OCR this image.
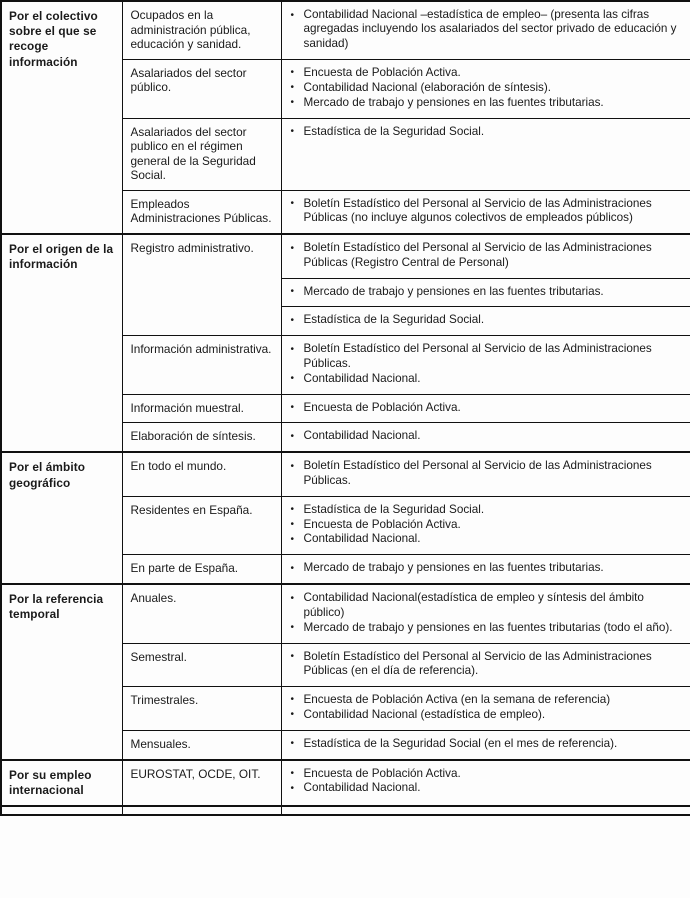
Por el colectivo sobre el que se recoge información	Ocupados en la administración pública, educación y sanidad.	
• Contabilidad Nacional –estadística de empleo– (presenta las cifras agregadas incluyendo los asalariados del sector privado de educación y sanidad)

Asalariados del sector público.	
• Encuesta de Población Activa.
• Contabilidad Nacional (elaboración de síntesis).
• Mercado de trabajo y pensiones en las fuentes tributarias.

Asalariados del sector publico en el régimen general de la Seguridad Social.	
• Estadística de la Seguridad Social.

Empleados Administraciones Públicas.	
• Boletín Estadístico del Personal al Servicio de las Administraciones Públicas (no incluye algunos colectivos de empleados públicos)

Por el origen de la información	Registro administrativo.	
•Boletín Estadístico del Personal al Servicio de las Administraciones Públicas (Registro Central de Personal)

• Mercado de trabajo y pensiones en las fuentes tributarias.

• Estadística de la Seguridad Social.

Información administrativa.	
•Boletín Estadístico del Personal al Servicio de las Administraciones Públicas.
• Contabilidad Nacional.

Información muestral.	
•Encuesta de Población Activa.

Elaboración de síntesis.	
•Contabilidad Nacional.

Por el ámbito geográfico	En todo el mundo.	
•Boletín Estadístico del Personal al Servicio de las Administraciones Públicas.

Residentes en España.	
•Estadística de la Seguridad Social.
• Encuesta de Población Activa.
• Contabilidad Nacional.

En parte de España.	
•Mercado de trabajo y pensiones en las fuentes tributarias.

Por la referencia temporal	Anuales.	
•Contabilidad Nacional(estadística de empleo y síntesis del ámbito público)
• Mercado de trabajo y pensiones en las fuentes tributarias (todo el año).

Semestral.	
•Boletín Estadístico del Personal al Servicio de las Administraciones Públicas (en el día de referencia).

Trimestrales.	
•Encuesta de Población Activa (en la semana de referencia)
• Contabilidad Nacional (estadística de empleo).

Mensuales.	
•Estadística de la Seguridad Social (en el mes de referencia).

Por su empleo internacional	EUROSTAT, OCDE, OIT.	
•Encuesta de Población Activa.
• Contabilidad Nacional.
